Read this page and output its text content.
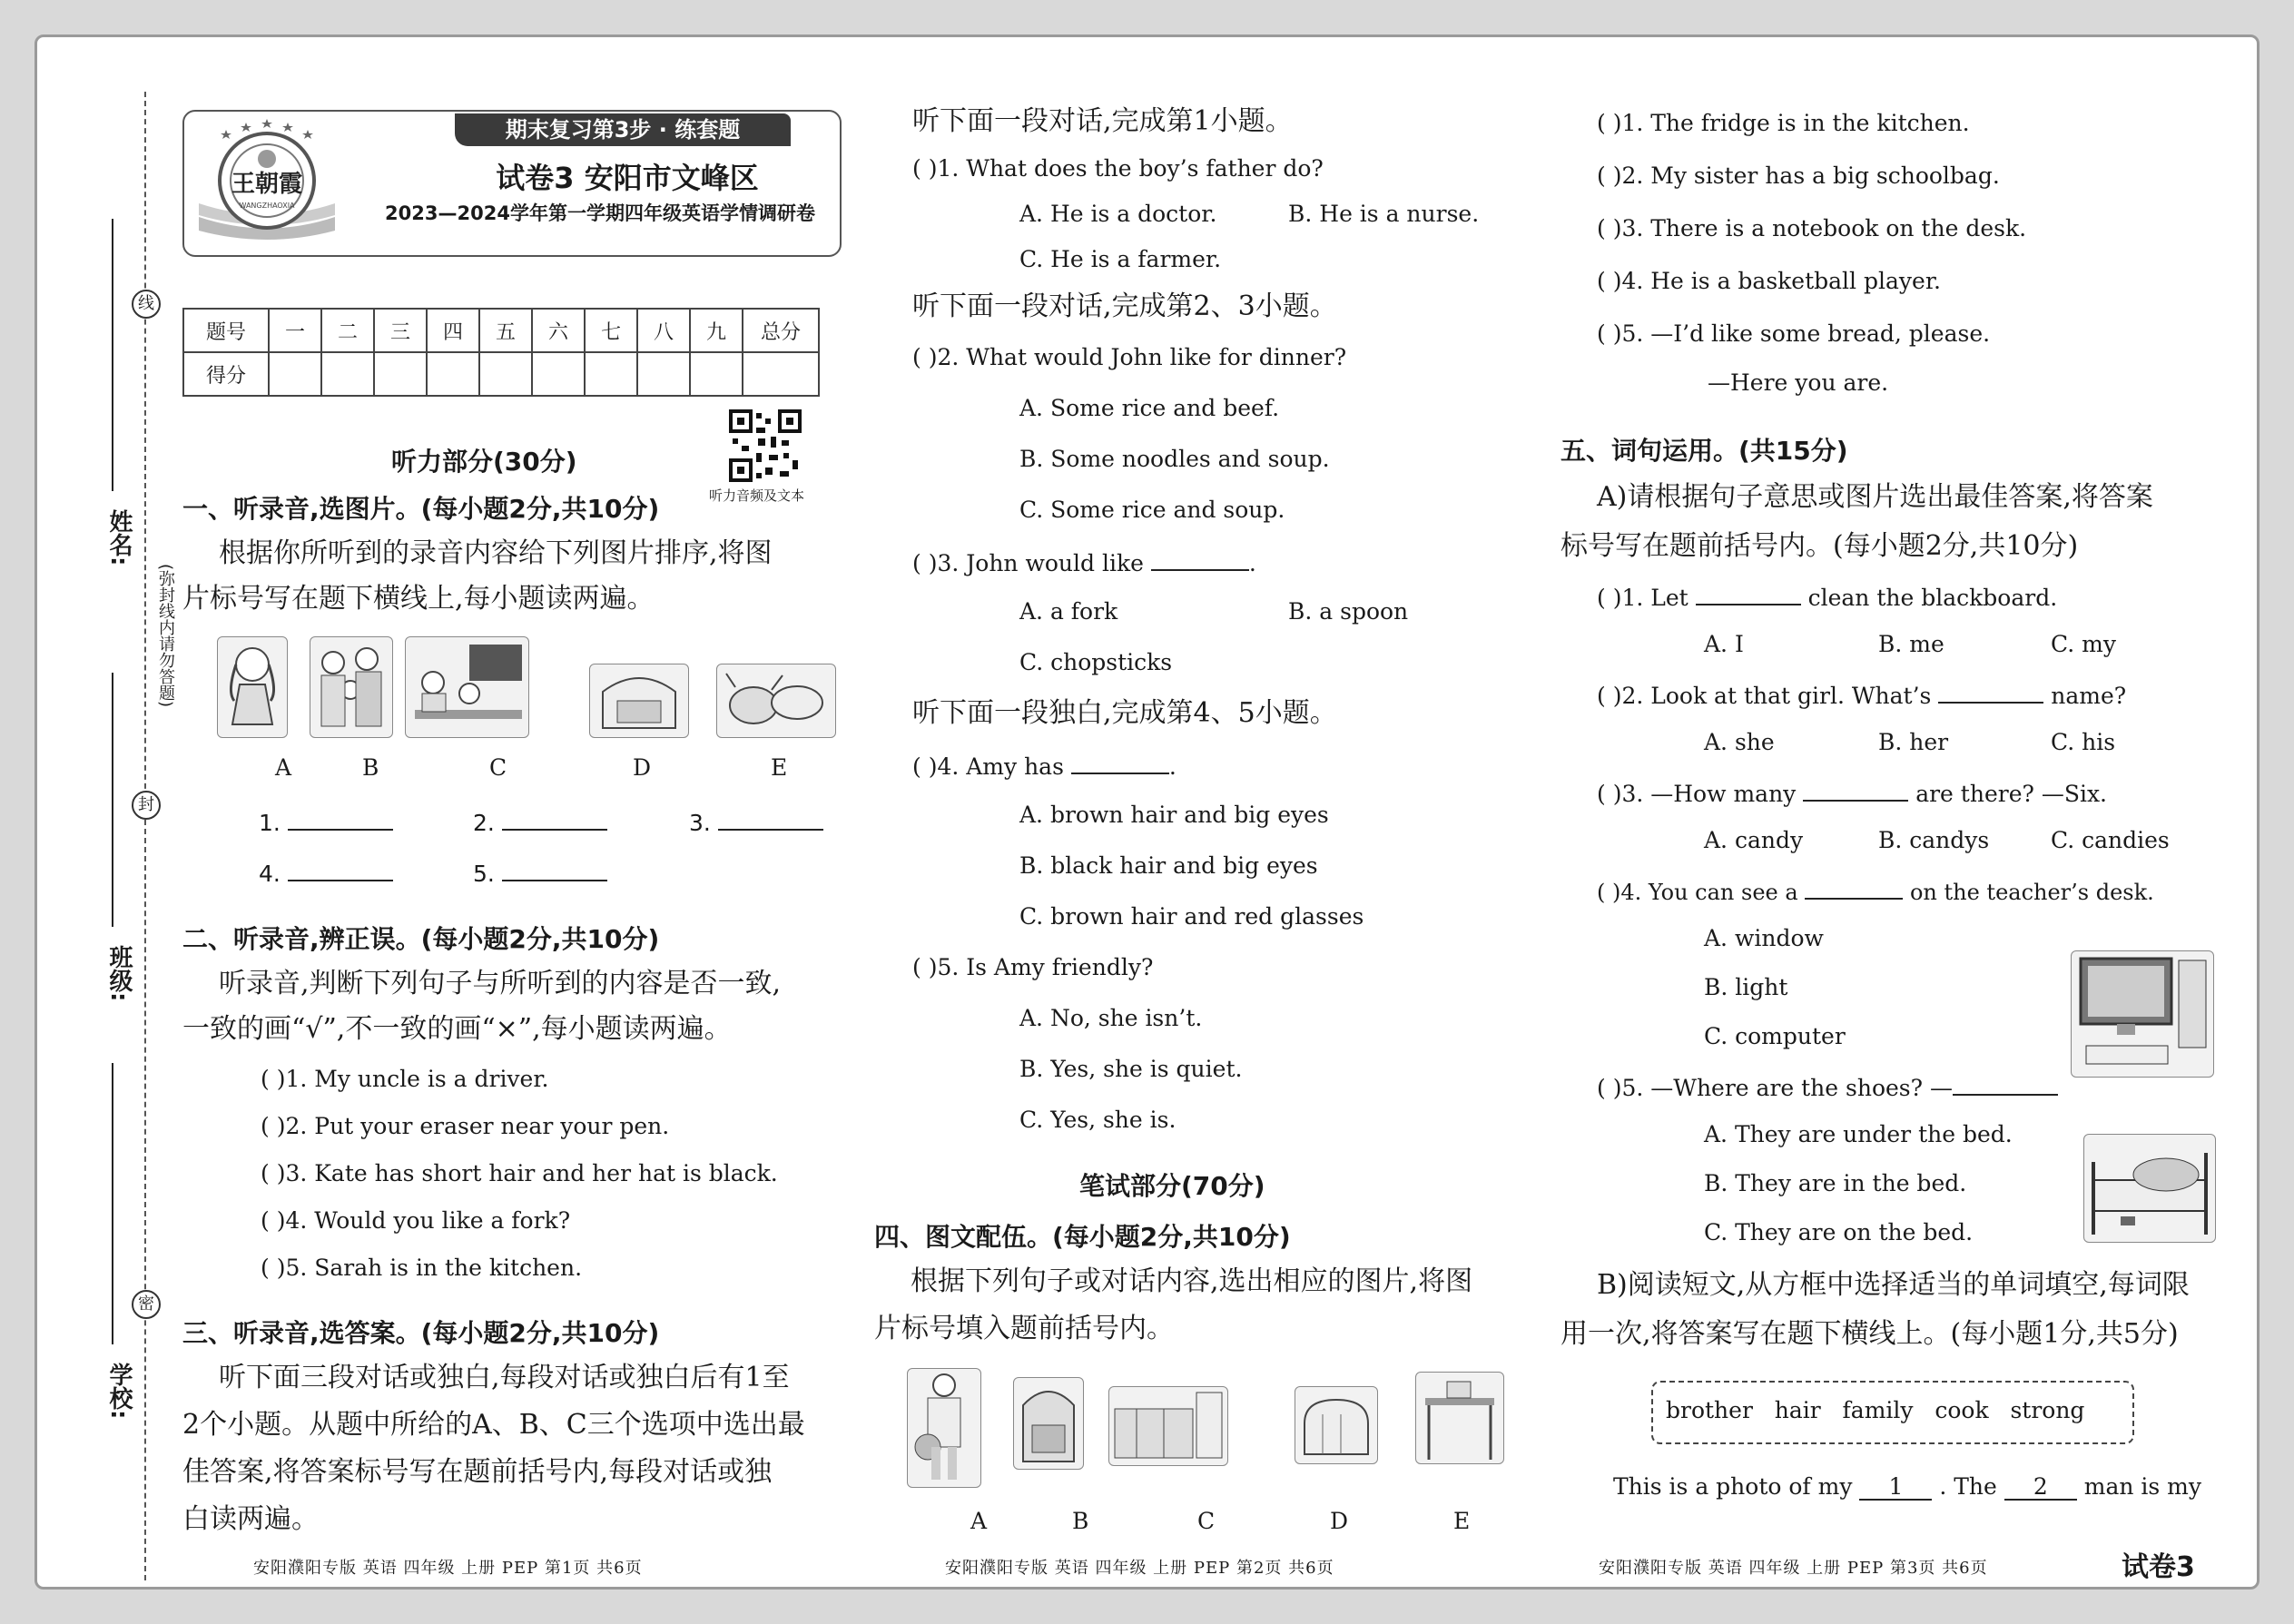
线
封
密
(弥封线内请勿答题)
姓名:
班级:
学校:
王朝霞
WANGZHAOXIA
期末复习第3步 · 练套题
试卷3 安阳市文峰区
2023—2024学年第一学期四年级英语学情调研卷
题号	一	二	三	四	五	六	七	八	九	总分
得分										
听力音频及文本
听力部分(30分)
一、听录音,选图片。(每小题2分,共10分)
根据你所听到的录音内容给下列图片排序,将图
片标号写在题下横线上,每小题读两遍。
A	B	C	D	E
1.	2.	3.
4.	5.
二、听录音,辨正误。(每小题2分,共10分)
听录音,判断下列句子与所听到的内容是否一致,
一致的画“√”,不一致的画“×”,每小题读两遍。
( )1. My uncle is a driver.
( )2. Put your eraser near your pen.
( )3. Kate has short hair and her hat is black.
( )4. Would you like a fork?
( )5. Sarah is in the kitchen.
三、听录音,选答案。(每小题2分,共10分)
听下面三段对话或独白,每段对话或独白后有1至
2个小题。从题中所给的A、B、C三个选项中选出最
佳答案,将答案标号写在题前括号内,每段对话或独
白读两遍。
安阳濮阳专版 英语 四年级 上册 PEP 第1页 共6页
听下面一段对话,完成第1小题。
( )1. What does the boy’s father do?
A. He is a doctor.	B. He is a nurse.
C. He is a farmer.
听下面一段对话,完成第2、3小题。
( )2. What would John like for dinner?
A. Some rice and beef.
B. Some noodles and soup.
C. Some rice and soup.
( )3. John would like	.
A. a fork	B. a spoon
C. chopsticks
听下面一段独白,完成第4、5小题。
( )4. Amy has	.
A. brown hair and big eyes
B. black hair and big eyes
C. brown hair and red glasses
( )5. Is Amy friendly?
A. No, she isn’t.
B. Yes, she is quiet.
C. Yes, she is.
笔试部分(70分)
四、图文配伍。(每小题2分,共10分)
根据下列句子或对话内容,选出相应的图片,将图
片标号填入题前括号内。
A	B	C	D	E
安阳濮阳专版 英语 四年级 上册 PEP 第2页 共6页
( )1. The fridge is in the kitchen.
( )2. My sister has a big schoolbag.
( )3. There is a notebook on the desk.
( )4. He is a basketball player.
( )5. —I’d like some bread, please.
—Here you are.
五、词句运用。(共15分)
A)请根据句子意思或图片选出最佳答案,将答案
标号写在题前括号内。(每小题2分,共10分)
( )1. Let	clean the blackboard.
A. I	B. me	C. my
( )2. Look at that girl. What’s	name?
A. she	B. her	C. his
( )3. —How many	are there? —Six.
A. candy	B. candys	C. candies
( )4. You can see a	on the teacher’s desk.
A. window
B. light
C. computer
( )5. —Where are the shoes? —
A. They are under the bed.
B. They are in the bed.
C. They are on the bed.
B)阅读短文,从方框中选择适当的单词填空,每词限
用一次,将答案写在题下横线上。(每小题1分,共5分)
brother   hair   family   cook   strong
This is a photo of my 1 . The 2 man is my
安阳濮阳专版 英语 四年级 上册 PEP 第3页 共6页	试卷3
